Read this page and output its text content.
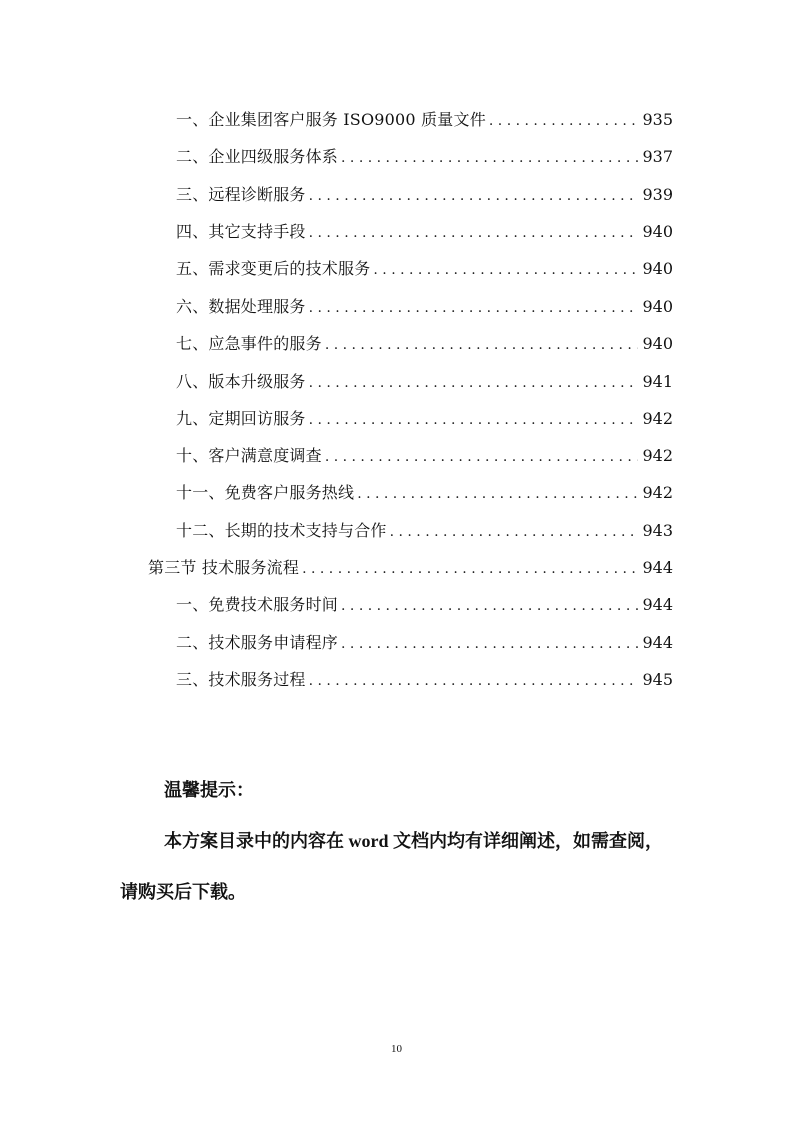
一、企业集团客户服务 ISO9000 质量文件 . . .	935
二、企业四级服务体系 . . .	937
三、远程诊断服务 . . .	939
四、其它支持手段 . . .	940
五、需求变更后的技术服务 . . .	940
六、数据处理服务 . . .	940
七、应急事件的服务 . . .	940
八、版本升级服务 . . .	941
九、定期回访服务 . . .	942
十、客户满意度调查 . . .	942
十一、免费客户服务热线 . . .	942
十二、长期的技术支持与合作 . . .	943
第三节 技术服务流程 . . .	944
一、免费技术服务时间 . . .	944
二、技术服务申请程序 . . .	944
三、技术服务过程 . . .	945
温馨提示：
本方案目录中的内容在 word 文档内均有详细阐述，如需查阅，请购买后下载。
10
